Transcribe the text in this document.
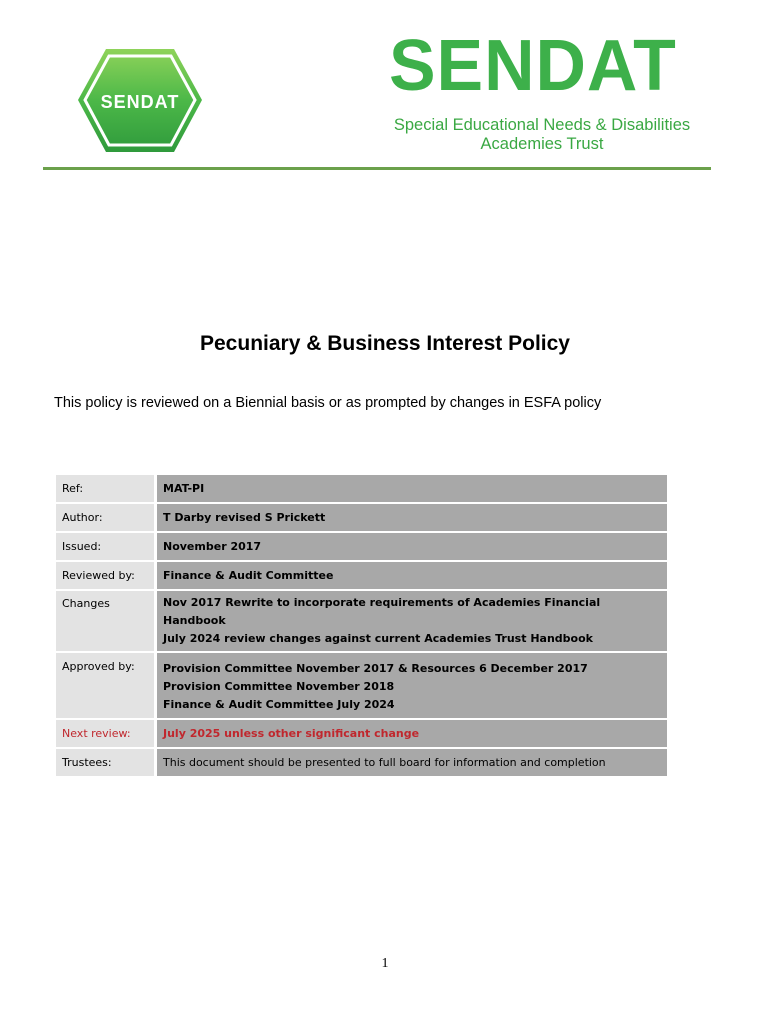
SENDAT	SENDAT
Special Educational Needs & Disabilities
Academies Trust
Pecuniary & Business Interest Policy
This policy is reviewed on a Biennial basis or as prompted by changes in ESFA policy
Ref:	MAT-PI

Author:	T Darby revised S Prickett

Issued:	November 2017

Reviewed by:	Finance & Audit Committee

Changes	Nov 2017 Rewrite to incorporate requirements of Academies Financial Handbook
July 2024 review changes against current Academies Trust Handbook

Approved by:	Provision Committee November 2017 & Resources 6 December 2017
Provision Committee November 2018
Finance & Audit Committee July 2024

Next review:	July 2025 unless other significant change

Trustees:	This document should be presented to full board for information and completion
1
